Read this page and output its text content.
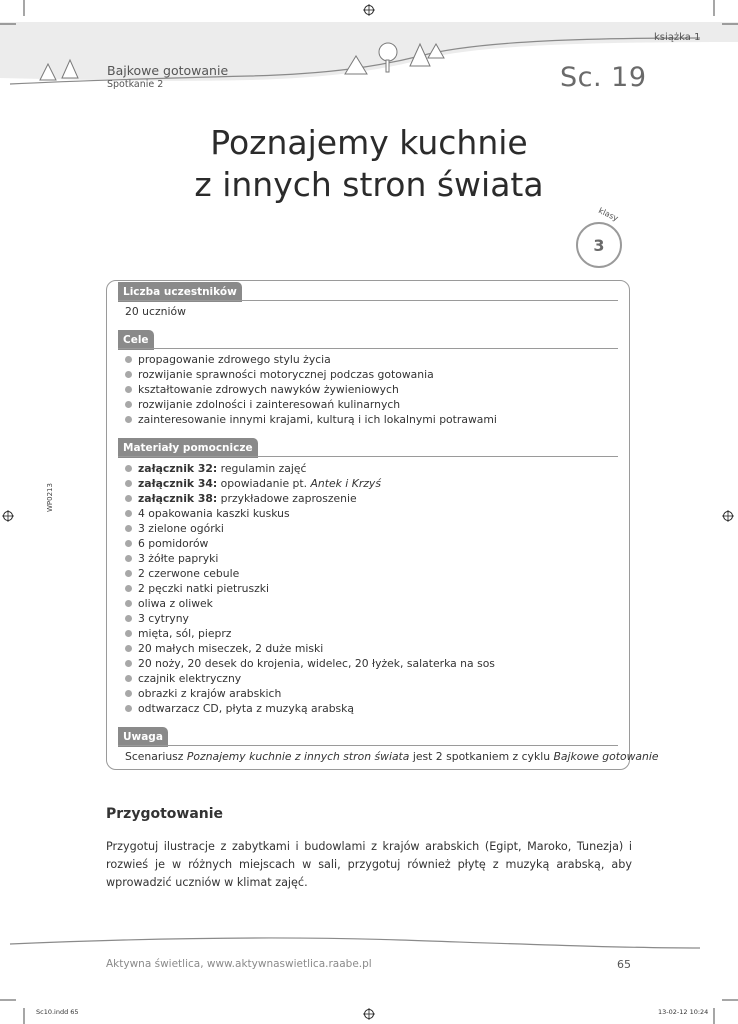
książka 1
Bajkowe gotowanie
Spotkanie 2	Sc. 19
Poznajemy kuchnie
z innych stron świata
klasy
3
Liczba uczestników
20 uczniów
Cele
propagowanie zdrowego stylu życia
rozwijanie sprawności motorycznej podczas gotowania
kształtowanie zdrowych nawyków żywieniowych
rozwijanie zdolności i zainteresowań kulinarnych
zainteresowanie innymi krajami, kulturą i ich lokalnymi potrawami
Materiały pomocnicze
załącznik 32: regulamin zajęć
załącznik 34: opowiadanie pt. Antek i Krzyś
załącznik 38: przykładowe zaproszenie
4 opakowania kaszki kuskus
3 zielone ogórki
6 pomidorów
3 żółte papryki
2 czerwone cebule
2 pęczki natki pietruszki
oliwa z oliwek
3 cytryny
mięta, sól, pieprz
20 małych miseczek, 2 duże miski
20 noży, 20 desek do krojenia, widelec, 20 łyżek, salaterka na sos
czajnik elektryczny
obrazki z krajów arabskich
odtwarzacz CD, płyta z muzyką arabską
Uwaga
Scenariusz Poznajemy kuchnie z innych stron świata jest 2 spotkaniem z cyklu Bajkowe gotowanie
Przygotowanie
Przygotuj ilustracje z zabytkami i budowlami z krajów arabskich (Egipt, Maroko, Tunezja) i rozwieś je w różnych miejscach w sali, przygotuj również płytę z muzyką arabską, aby wprowadzić uczniów w klimat zajęć.
Aktywna świetlica, www.aktywnaswietlica.raabe.pl	65
Sc10.indd 65	13-02-12 10:24
WP0213
